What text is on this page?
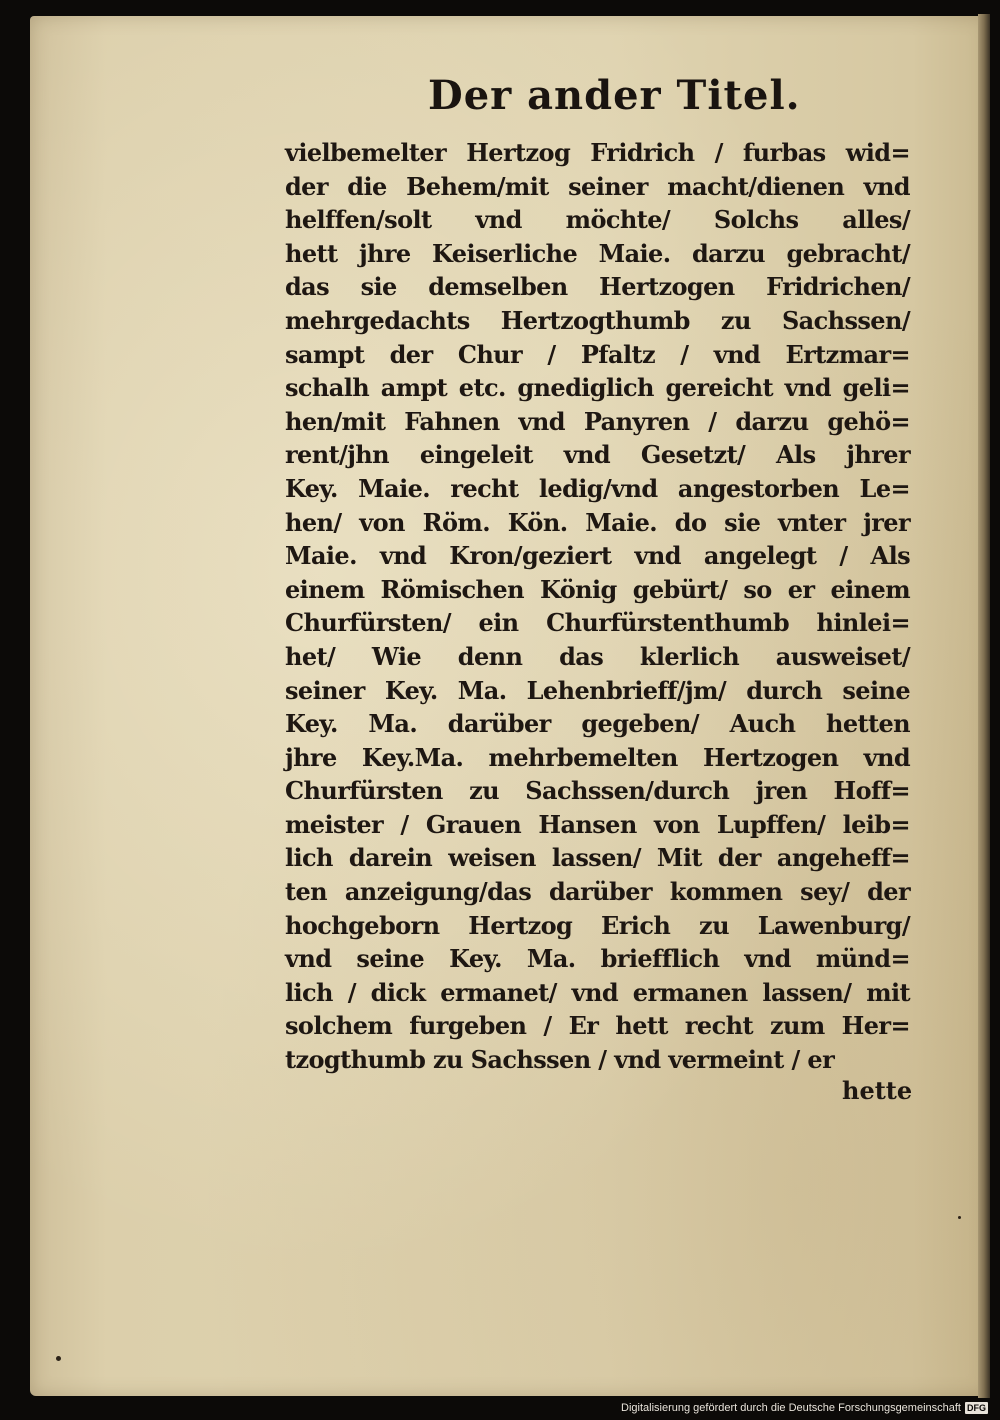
Der ander Titel.
vielbemelter Hertzog Fridrich / furbas wid=
der die Behem/mit seiner macht/dienen vnd
helffen/solt vnd möchte/ Solchs alles/
hett jhre Keiserliche Maie. darzu gebracht/
das sie demselben Hertzogen Fridrichen/
mehrgedachts Hertzogthumb zu Sachssen/
sampt der Chur / Pfaltz / vnd Ertzmar=
schalh ampt etc. gnediglich gereicht vnd geli=
hen/mit Fahnen vnd Panyren / darzu gehö=
rent/jhn eingeleit vnd Gesetzt/ Als jhrer
Key. Maie. recht ledig/vnd angestorben Le=
hen/ von Röm. Kön. Maie. do sie vnter jrer
Maie. vnd Kron/geziert vnd angelegt / Als
einem Römischen König gebürt/ so er einem
Churfürsten/ ein Churfürstenthumb hinlei=
het/ Wie denn das klerlich ausweiset/
seiner Key. Ma. Lehenbrieff/jm/ durch seine
Key. Ma. darüber gegeben/ Auch hetten
jhre Key.Ma. mehrbemelten Hertzogen vnd
Churfürsten zu Sachssen/durch jren Hoff=
meister / Grauen Hansen von Lupffen/ leib=
lich darein weisen lassen/ Mit der angeheff=
ten anzeigung/das darüber kommen sey/ der
hochgeborn Hertzog Erich zu Lawenburg/
vnd seine Key. Ma. briefflich vnd münd=
lich / dick ermanet/ vnd ermanen lassen/ mit
solchem furgeben / Er hett recht zum Her=
tzogthumb zu Sachssen / vnd vermeint / er
hette
Digitalisierung gefördert durch die Deutsche Forschungsgemeinschaft DFG
